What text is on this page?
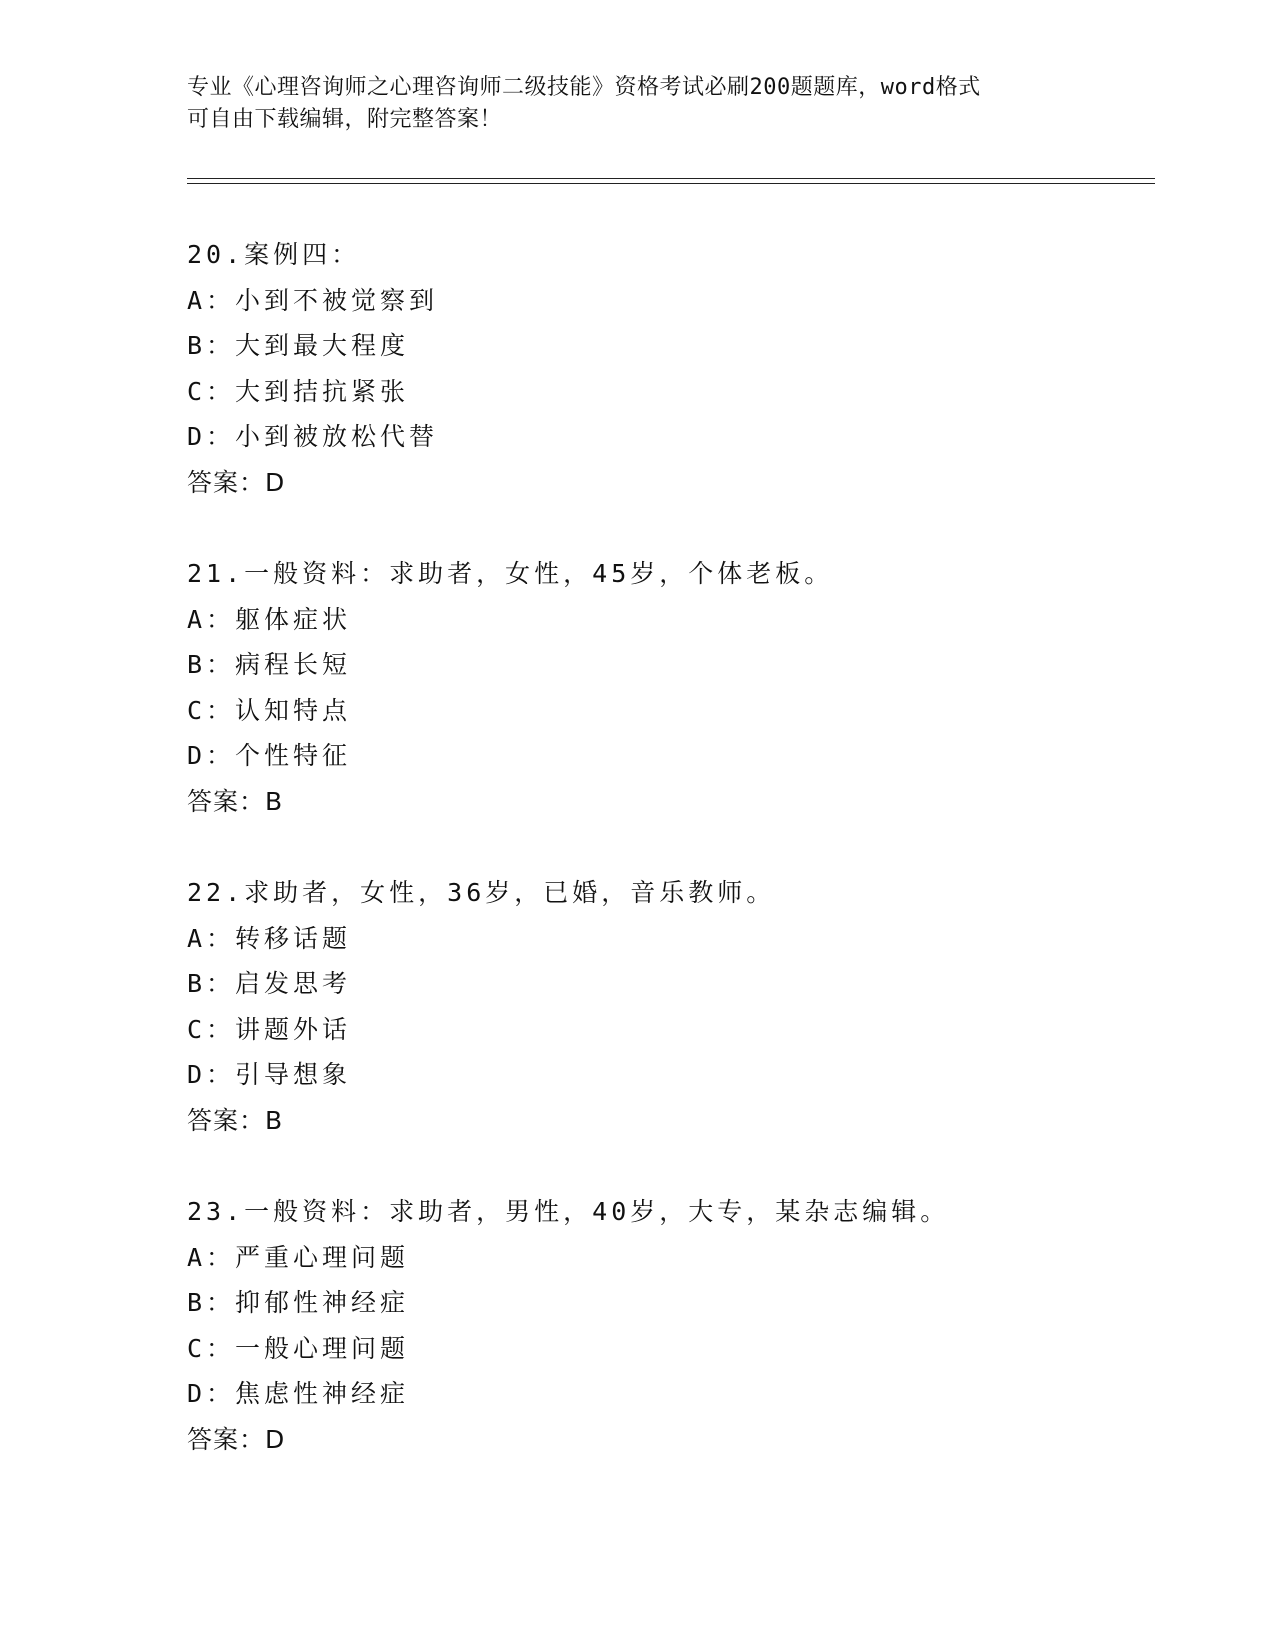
专业《心理咨询师之心理咨询师二级技能》资格考试必刷200题题库，word格式
可自由下载编辑，附完整答案！
20.案例四：
A：小到不被觉察到
B：大到最大程度
C：大到拮抗紧张
D：小到被放松代替
答案：D
21.一般资料：求助者，女性，45岁，个体老板。
A：躯体症状
B：病程长短
C：认知特点
D：个性特征
答案：B
22.求助者，女性，36岁，已婚，音乐教师。
A：转移话题
B：启发思考
C：讲题外话
D：引导想象
答案：B
23.一般资料：求助者，男性，40岁，大专，某杂志编辑。
A：严重心理问题
B：抑郁性神经症
C：一般心理问题
D：焦虑性神经症
答案：D
